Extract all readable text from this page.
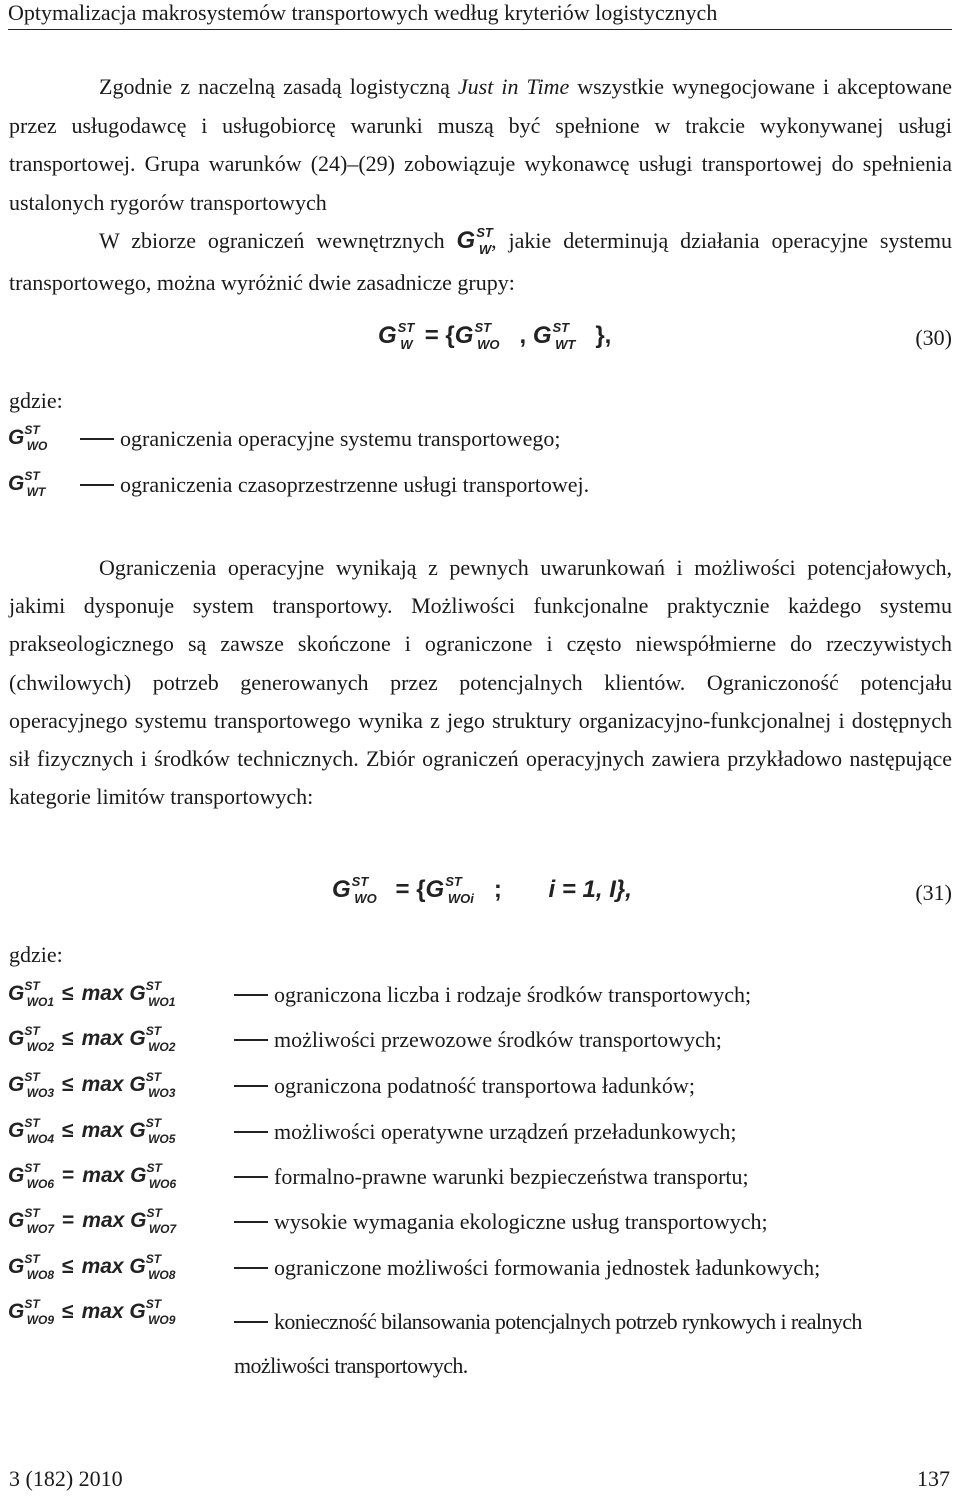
Optymalizacja makrosystemów transportowych według kryteriów logistycznych

Zgodnie z naczelną zasadą logistyczną Just in Time wszystkie wynegocjowane i akceptowane przez usługodawcę i usługobiorcę warunki muszą być spełnione w trakcie wykonywanej usługi transportowej. Grupa warunków (24)–(29) zobowiązuje wykonawcę usługi transportowej do spełnienia ustalonych rygorów transportowych

W zbiorze ograniczeń wewnętrznych $G^{ST}_W$, jakie determinują działania operacyjne systemu transportowego, można wyróżnić dwie zasadnicze grupy:

$G^{ST}_W = \{G^{ST}_{WO}$   , $G^{ST}_{WT}$   },	(30)
gdzie:
$G^{ST}_{WO}$	ograniczenia operacyjne systemu transportowego;
$G^{ST}_{WT}$	ograniczenia czasoprzestrzenne usługi transportowej.

Ograniczenia operacyjne wynikają z pewnych uwarunkowań i możliwości potencjałowych, jakimi dysponuje system transportowy. Możliwości funkcjonalne praktycznie każdego systemu prakseologicznego są zawsze skończone i ograniczone i często niewspółmierne do rzeczywistych (chwilowych) potrzeb generowanych przez potencjalnych klientów. Ograniczoność potencjału operacyjnego systemu transportowego wynika z jego struktury organizacyjno-funkcjonalnej i dostępnych sił fizycznych i środków technicznych. Zbiór ograniczeń operacyjnych zawiera przykładowo następujące kategorie limitów transportowych:

$G^{ST}_{WO} = \{G^{ST}_{WOi}$   ;       i = 1, I},	(31)
gdzie:
$G^{ST}_{WO1} \le \max G^{ST}_{WO1}$	ograniczona liczba i rodzaje środków transportowych;
$G^{ST}_{WO2} \le \max G^{ST}_{WO2}$	możliwości przewozowe środków transportowych;
$G^{ST}_{WO3} \le \max G^{ST}_{WO3}$	ograniczona podatność transportowa ładunków;
$G^{ST}_{WO4} \le \max G^{ST}_{WO5}$	możliwości operatywne urządzeń przeładunkowych;
$G^{ST}_{WO6} = \max G^{ST}_{WO6}$	formalno-prawne warunki bezpieczeństwa transportu;
$G^{ST}_{WO7} = \max G^{ST}_{WO7}$	wysokie wymagania ekologiczne usług transportowych;
$G^{ST}_{WO8} \le \max G^{ST}_{WO8}$	ograniczone możliwości formowania jednostek ładunkowych;
$G^{ST}_{WO9} \le \max G^{ST}_{WO9}$	konieczność bilansowania potencjalnych potrzeb rynkowych i realnych możliwości transportowych.
3 (182) 2010	137
